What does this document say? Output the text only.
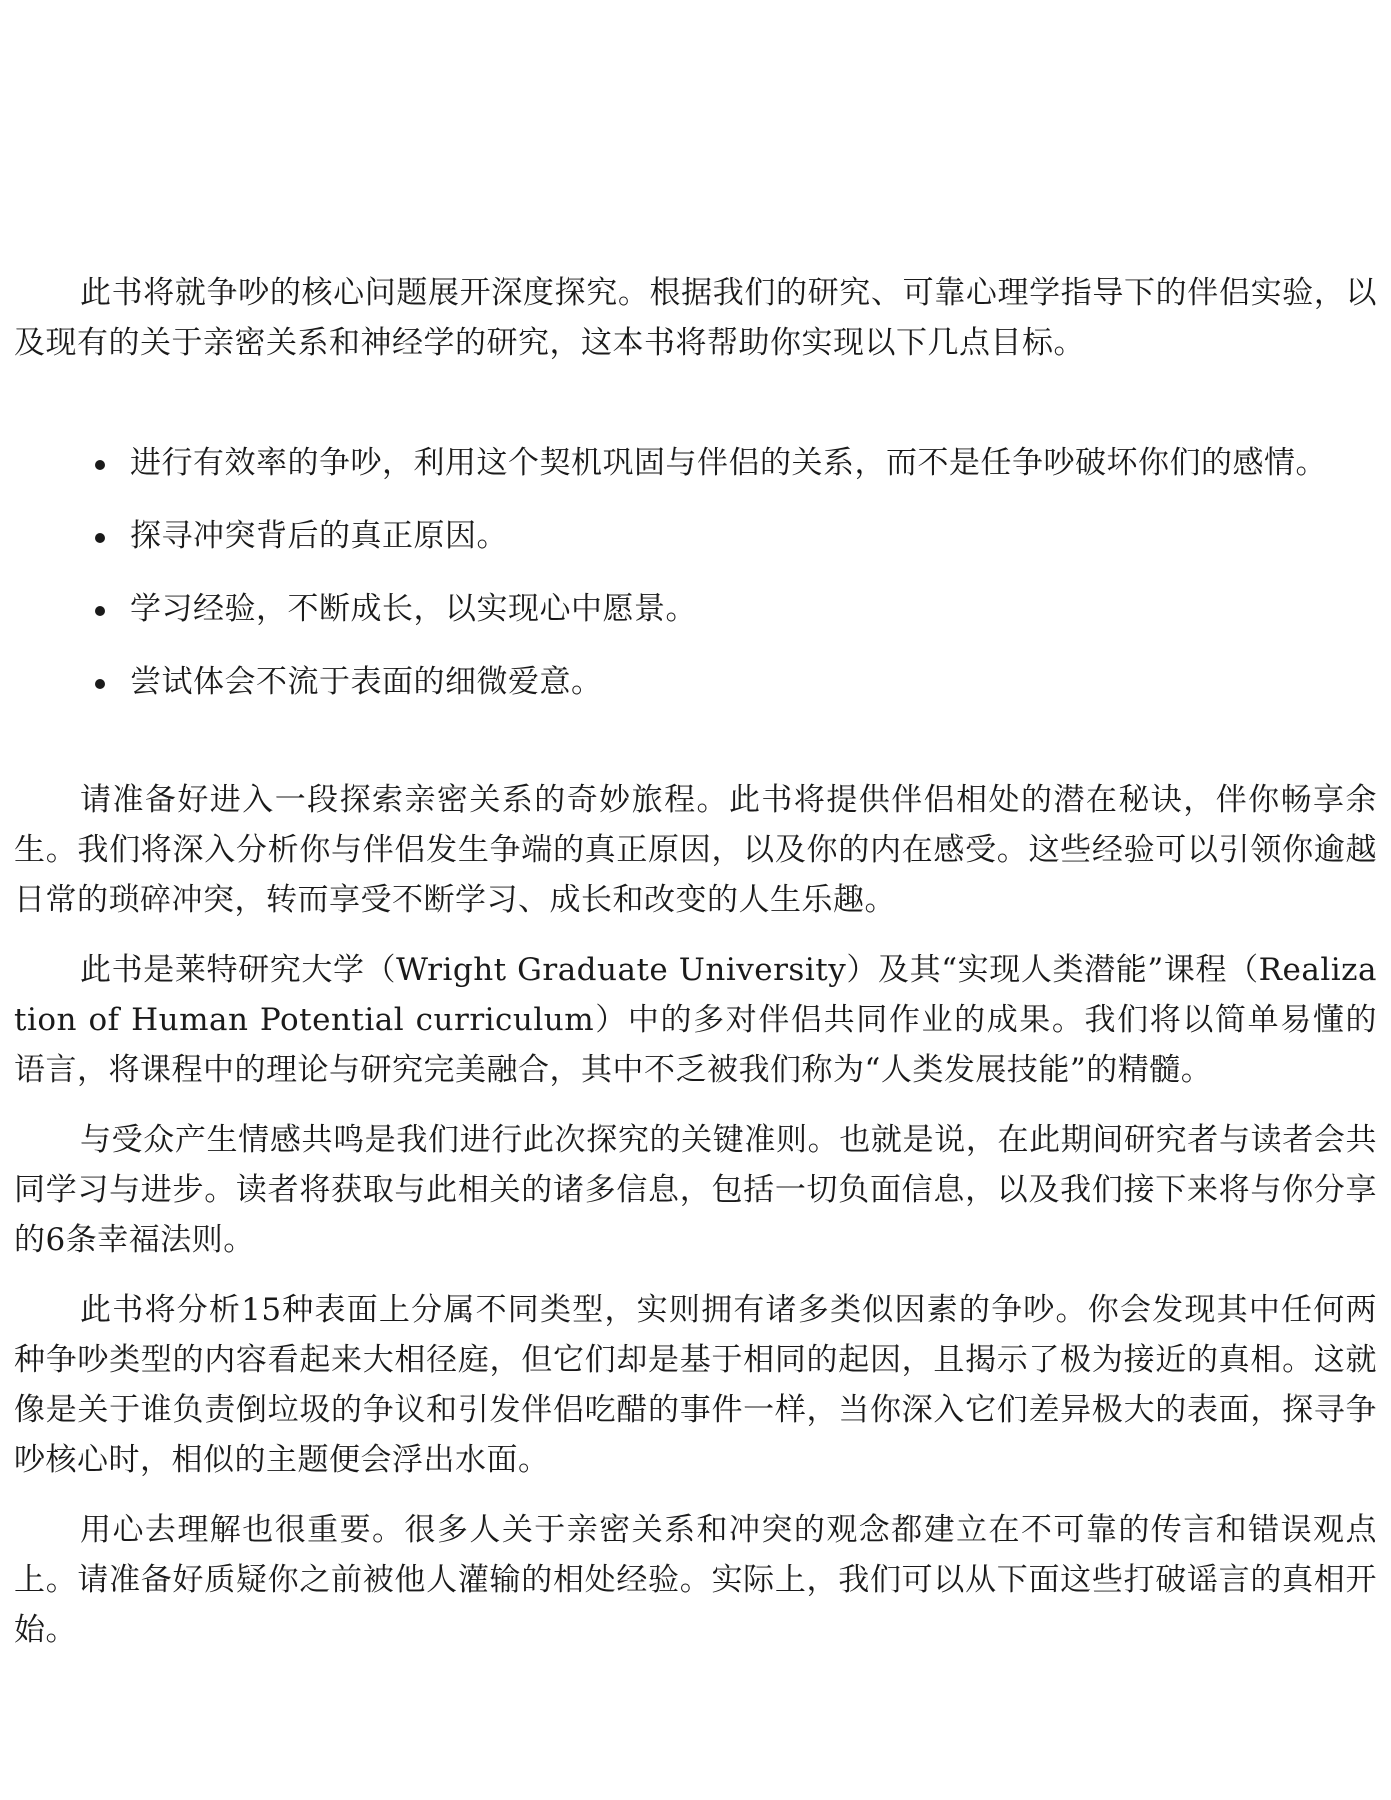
此书将就争吵的核心问题展开深度探究。根据我们的研究、可靠心理学指导下的伴侣实验，以及现有的关于亲密关系和神经学的研究，这本书将帮助你实现以下几点目标。

进行有效率的争吵，利用这个契机巩固与伴侣的关系，而不是任争吵破坏你们的感情。
探寻冲突背后的真正原因。
学习经验，不断成长，以实现心中愿景。
尝试体会不流于表面的细微爱意。

请准备好进入一段探索亲密关系的奇妙旅程。此书将提供伴侣相处的潜在秘诀，伴你畅享余生。我们将深入分析你与伴侣发生争端的真正原因，以及你的内在感受。这些经验可以引领你逾越日常的琐碎冲突，转而享受不断学习、成长和改变的人生乐趣。

此书是莱特研究大学（Wright Graduate University）及其“实现人类潜能”课程（Realization of Human Potential curriculum）中的多对伴侣共同作业的成果。我们将以简单易懂的语言，将课程中的理论与研究完美融合，其中不乏被我们称为“人类发展技能”的精髓。

与受众产生情感共鸣是我们进行此次探究的关键准则。也就是说，在此期间研究者与读者会共同学习与进步。读者将获取与此相关的诸多信息，包括一切负面信息，以及我们接下来将与你分享的6条幸福法则。

此书将分析15种表面上分属不同类型，实则拥有诸多类似因素的争吵。你会发现其中任何两种争吵类型的内容看起来大相径庭，但它们却是基于相同的起因，且揭示了极为接近的真相。这就像是关于谁负责倒垃圾的争议和引发伴侣吃醋的事件一样，当你深入它们差异极大的表面，探寻争吵核心时，相似的主题便会浮出水面。

用心去理解也很重要。很多人关于亲密关系和冲突的观念都建立在不可靠的传言和错误观点上。请准备好质疑你之前被他人灌输的相处经验。实际上，我们可以从下面这些打破谣言的真相开始。
